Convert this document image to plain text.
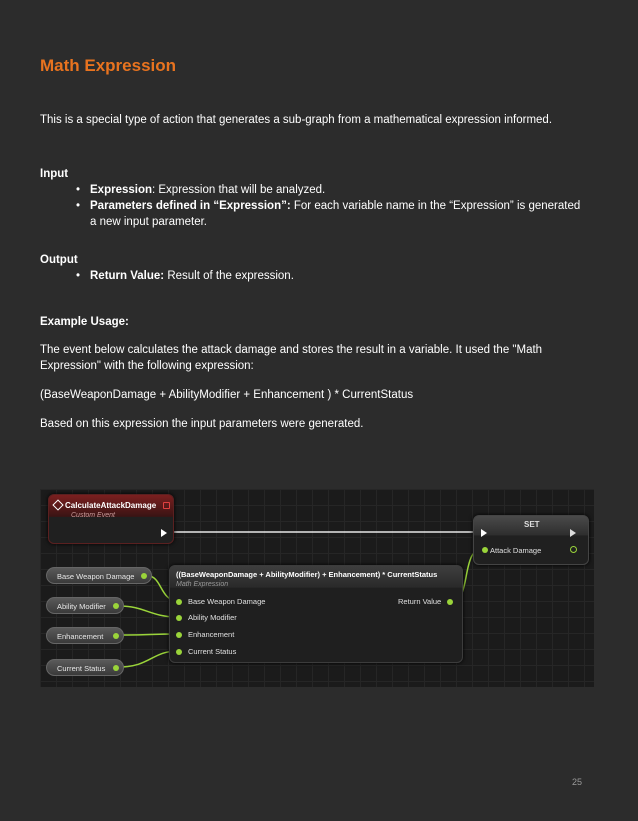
Math Expression
This is a special type of action that generates a sub-graph from a mathematical expression informed.
Input
• Expression: Expression that will be analyzed.
• Parameters defined in “Expression”: For each variable name in the “Expression” is generated
a new input parameter.
Output
• Return Value: Result of the expression.
Example Usage:
The event below calculates the attack damage and stores the result in a variable. It used the "Math
Expression" with the following expression:
(BaseWeaponDamage + AbilityModifier + Enhancement ) * CurrentStatus
Based on this expression the input parameters were generated.
CalculateAttackDamage
Custom Event
SET
Attack Damage
Base Weapon Damage
Ability Modifier
Enhancement
Current Status
((BaseWeaponDamage + AbilityModifier) + Enhancement) * CurrentStatus
Math Expression
Base Weapon Damage
Ability Modifier
Enhancement
Current Status
Return Value
25
